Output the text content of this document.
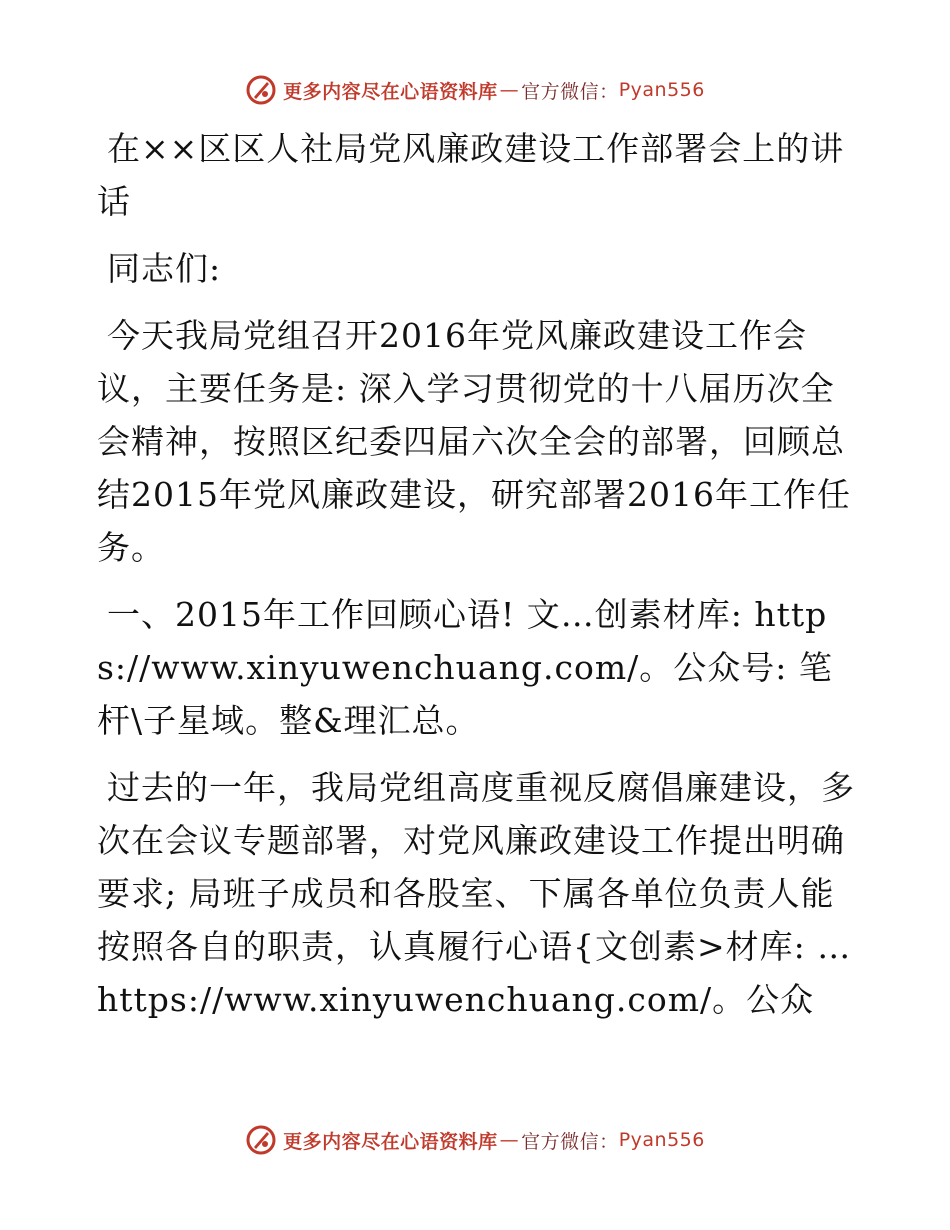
更多内容尽在心语资料库 — 官方微信： Pyan556

在××区区人社局党风廉政建设工作部署会上的讲话

同志们:

今天我局党组召开2016年党风廉政建设工作会议，主要任务是: 深入学习贯彻党的十八届历次全会精神，按照区纪委四届六次全会的部署，回顾总结2015年党风廉政建设，研究部署2016年工作任务。

一、2015年工作回顾心语! 文…创素材库: https://www.xinyuwenchuang.com/。公众号: 笔杆\子星域。整&理汇总。

过去的一年，我局党组高度重视反腐倡廉建设，多次在会议专题部署，对党风廉政建设工作提出明确要求; 局班子成员和各股室、下属各单位负责人能按照各自的职责，认真履行心语{文创素>材库: …https://www.xinyuwenchuang.com/。公众

更多内容尽在心语资料库 — 官方微信： Pyan556
